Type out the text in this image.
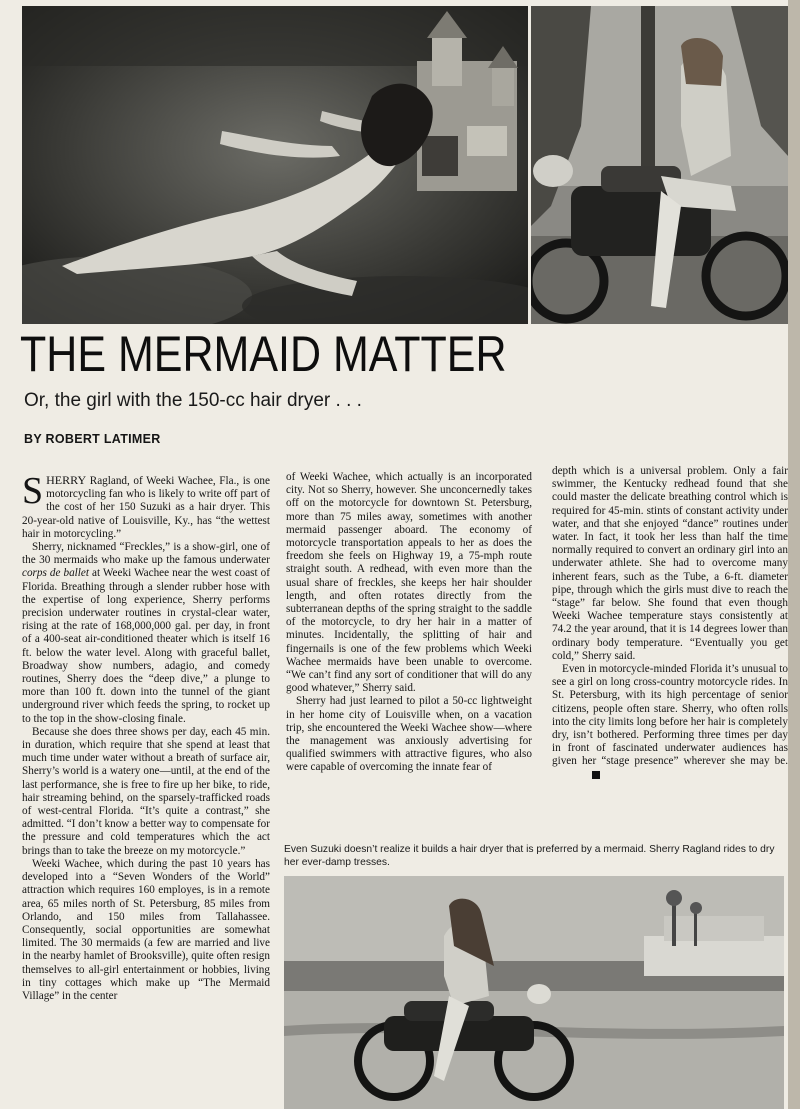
THE MERMAID MATTER
Or, the girl with the 150-cc hair dryer . . .
BY ROBERT LATIMER

SHERRY Ragland, of Weeki Wachee, Fla., is one motorcycling fan who is likely to write off part of the cost of her 150 Suzuki as a hair dryer. This 20-year-old native of Louisville, Ky., has “the wettest hair in motorcycling.”

Sherry, nicknamed “Freckles,” is a show-girl, one of the 30 mermaids who make up the famous underwater corps de ballet at Weeki Wachee near the west coast of Florida. Breathing through a slender rubber hose with the expertise of long experience, Sherry performs precision underwater routines in crystal-clear water, rising at the rate of 168,000,000 gal. per day, in front of a 400-seat air-conditioned theater which is itself 16 ft. below the water level. Along with graceful ballet, Broadway show numbers, adagio, and comedy routines, Sherry does the “deep dive,” a plunge to more than 100 ft. down into the tunnel of the giant underground river which feeds the spring, to rocket up to the top in the show-closing finale.

Because she does three shows per day, each 45 min. in duration, which require that she spend at least that much time under water without a breath of surface air, Sherry’s world is a watery one—until, at the end of the last performance, she is free to fire up her bike, to ride, hair streaming behind, on the sparsely-trafficked roads of west-central Florida. “It’s quite a contrast,” she admitted. “I don’t know a better way to compensate for the pressure and cold temperatures which the act brings than to take the breeze on my motorcycle.”

Weeki Wachee, which during the past 10 years has developed into a “Seven Wonders of the World” attraction which requires 160 employes, is in a remote area, 65 miles north of St. Petersburg, 85 miles from Orlando, and 150 miles from Tallahassee. Consequently, social opportunities are somewhat limited. The 30 mermaids (a few are married and live in the nearby hamlet of Brooksville), quite often resign themselves to all-girl entertainment or hobbies, living in tiny cottages which make up “The Mermaid Village” in the center

of Weeki Wachee, which actually is an incorporated city. Not so Sherry, however. She unconcernedly takes off on the motorcycle for downtown St. Petersburg, more than 75 miles away, sometimes with another mermaid passenger aboard. The economy of motorcycle transportation appeals to her as does the freedom she feels on Highway 19, a 75-mph route straight south. A redhead, with even more than the usual share of freckles, she keeps her hair shoulder length, and often rotates directly from the subterranean depths of the spring straight to the saddle of the motorcycle, to dry her hair in a matter of minutes. Incidentally, the splitting of hair and fingernails is one of the few problems which Weeki Wachee mermaids have been unable to overcome. “We can’t find any sort of conditioner that will do any good whatever,” Sherry said.

Sherry had just learned to pilot a 50-cc lightweight in her home city of Louisville when, on a vacation trip, she encountered the Weeki Wachee show—where the management was anxiously advertising for qualified swimmers with attractive figures, who also were capable of overcoming the innate fear of

depth which is a universal problem. Only a fair swimmer, the Kentucky redhead found that she could master the delicate breathing control which is required for 45-min. stints of constant activity under water, and that she enjoyed “dance” routines under water. In fact, it took her less than half the time normally required to convert an ordinary girl into an underwater athlete. She had to overcome many inherent fears, such as the Tube, a 6-ft. diameter pipe, through which the girls must dive to reach the “stage” far below. She found that even though Weeki Wachee temperature stays consistently at 74.2 the year around, that it is 14 degrees lower than ordinary body temperature. “Eventually you get cold,” Sherry said.

Even in motorcycle-minded Florida it’s unusual to see a girl on long cross-country motorcycle rides. In St. Petersburg, with its high percentage of senior citizens, people often stare. Sherry, who often rolls into the city limits long before her hair is completely dry, isn’t bothered. Performing three times per day in front of fascinated underwater audiences has given her “stage presence” wherever she may be.

Even Suzuki doesn’t realize it builds a hair dryer that is preferred by a mermaid. Sherry Ragland rides to dry her ever-damp tresses.
